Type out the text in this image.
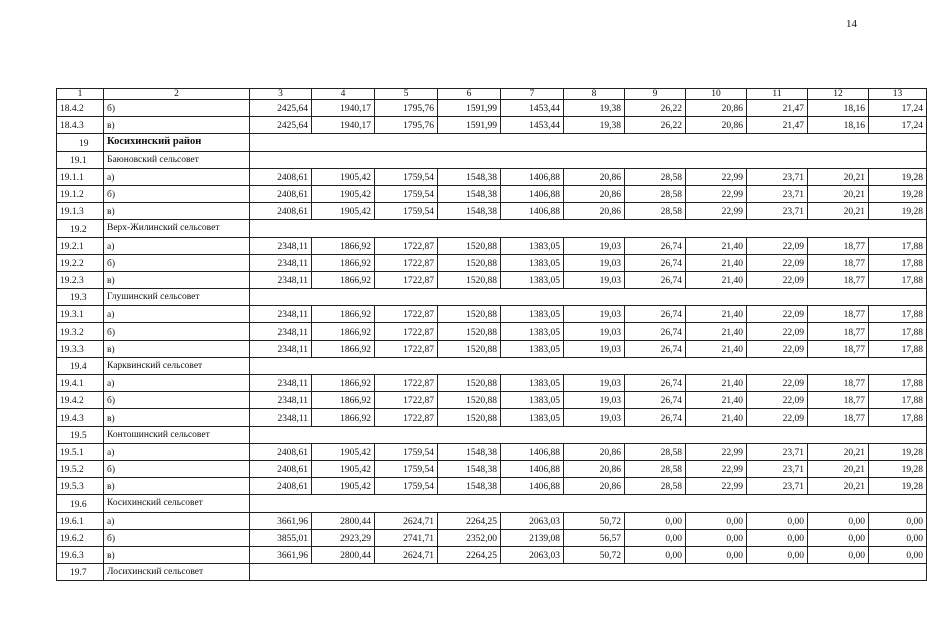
14
1	2	3	4	5	6	7	8	9	10	11	12	13
18.4.2	б)	2425,64	1940,17	1795,76	1591,99	1453,44	19,38	26,22	20,86	21,47	18,16	17,24
18.4.3	в)	2425,64	1940,17	1795,76	1591,99	1453,44	19,38	26,22	20,86	21,47	18,16	17,24
19	Косихинский район											
19.1	Баюновский сельсовет											
19.1.1	а)	2408,61	1905,42	1759,54	1548,38	1406,88	20,86	28,58	22,99	23,71	20,21	19,28
19.1.2	б)	2408,61	1905,42	1759,54	1548,38	1406,88	20,86	28,58	22,99	23,71	20,21	19,28
19.1.3	в)	2408,61	1905,42	1759,54	1548,38	1406,88	20,86	28,58	22,99	23,71	20,21	19,28
19.2	Верх-Жилинский сельсовет											
19.2.1	а)	2348,11	1866,92	1722,87	1520,88	1383,05	19,03	26,74	21,40	22,09	18,77	17,88
19.2.2	б)	2348,11	1866,92	1722,87	1520,88	1383,05	19,03	26,74	21,40	22,09	18,77	17,88
19.2.3	в)	2348,11	1866,92	1722,87	1520,88	1383,05	19,03	26,74	21,40	22,09	18,77	17,88
19.3	Глушинский сельсовет											
19.3.1	а)	2348,11	1866,92	1722,87	1520,88	1383,05	19,03	26,74	21,40	22,09	18,77	17,88
19.3.2	б)	2348,11	1866,92	1722,87	1520,88	1383,05	19,03	26,74	21,40	22,09	18,77	17,88
19.3.3	в)	2348,11	1866,92	1722,87	1520,88	1383,05	19,03	26,74	21,40	22,09	18,77	17,88
19.4	Карквинский сельсовет											
19.4.1	а)	2348,11	1866,92	1722,87	1520,88	1383,05	19,03	26,74	21,40	22,09	18,77	17,88
19.4.2	б)	2348,11	1866,92	1722,87	1520,88	1383,05	19,03	26,74	21,40	22,09	18,77	17,88
19.4.3	в)	2348,11	1866,92	1722,87	1520,88	1383,05	19,03	26,74	21,40	22,09	18,77	17,88
19.5	Контошинский сельсовет											
19.5.1	а)	2408,61	1905,42	1759,54	1548,38	1406,88	20,86	28,58	22,99	23,71	20,21	19,28
19.5.2	б)	2408,61	1905,42	1759,54	1548,38	1406,88	20,86	28,58	22,99	23,71	20,21	19,28
19.5.3	в)	2408,61	1905,42	1759,54	1548,38	1406,88	20,86	28,58	22,99	23,71	20,21	19,28
19.6	Косихинский сельсовет											
19.6.1	а)	3661,96	2800,44	2624,71	2264,25	2063,03	50,72	0,00	0,00	0,00	0,00	0,00
19.6.2	б)	3855,01	2923,29	2741,71	2352,00	2139,08	56,57	0,00	0,00	0,00	0,00	0,00
19.6.3	в)	3661,96	2800,44	2624,71	2264,25	2063,03	50,72	0,00	0,00	0,00	0,00	0,00
19.7	Лосихинский сельсовет											
